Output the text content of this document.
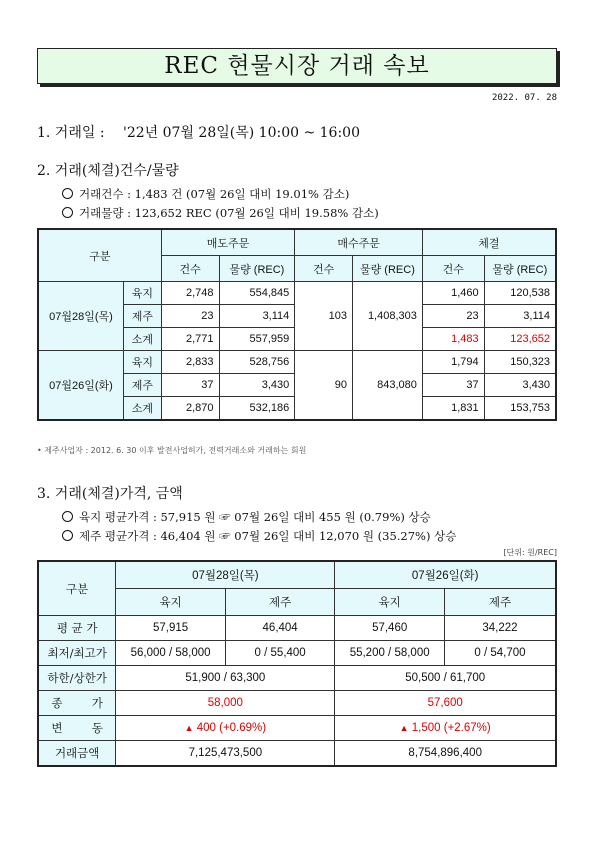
REC 현물시장 거래 속보
2022. 07. 28
1. 거래일 : '22년 07월 28일(목) 10:00 ~ 16:00
2. 거래(체결)건수/물량
거래건수 : 1,483 건 (07월 26일 대비 19.01% 감소)
거래물량 : 123,652 REC (07월 26일 대비 19.58% 감소)
구분		매도주문		매수주문		체결	
		건수	물량 (REC)	건수	물량 (REC)	건수	물량 (REC)
07월28일(목)	육지	2,748	554,845	103	1,408,303	1,460	120,538
	제주	23	3,114			23	3,114
	소계	2,771	557,959			1,483	123,652
07월26일(화)	육지	2,833	528,756	90	843,080	1,794	150,323
	제주	37	3,430			37	3,430
	소계	2,870	532,186			1,831	153,753
• 제주사업자 : 2012. 6. 30 이후 발전사업허가, 전력거래소와 거래하는 회원
3. 거래(체결)가격, 금액
육지 평균가격 : 57,915 원 ☞ 07월 26일 대비 455 원 (0.79%) 상승
제주 평균가격 : 46,404 원 ☞ 07월 26일 대비 12,070 원 (35.27%) 상승
[단위: 원/REC]
구분	07월28일(목)		07월26일(화)	
	육지	제주	육지	제주
평 균 가	57,915	46,404	57,460	34,222
최저/최고가	56,000 / 58,000	0 / 55,400	55,200 / 58,000	0 / 54,700
하한/상한가	51,900 / 63,300		50,500 / 61,700	
종        가	58,000		57,600	
변        동	▲ 400 (+0.69%)		▲ 1,500 (+2.67%)	
거래금액	7,125,473,500		8,754,896,400	
